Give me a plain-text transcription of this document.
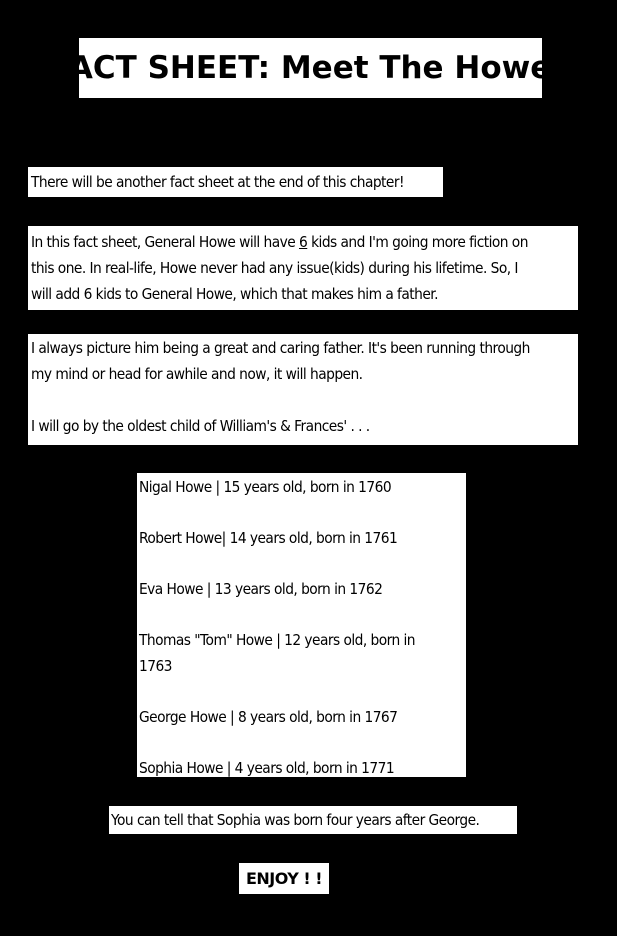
FACT SHEET: Meet The Howes
There will be another fact sheet at the end of this chapter!
In this fact sheet, General Howe will have 6 kids and I'm going more fiction on
this one. In real-life, Howe never had any issue(kids) during his lifetime. So, I
will add 6 kids to General Howe, which that makes him a father.
I always picture him being a great and caring father. It's been running through
my mind or head for awhile and now, it will happen.
I will go by the oldest child of William's & Frances' . . .
Nigal Howe | 15 years old, born in 1760
Robert Howe| 14 years old, born in 1761
Eva Howe | 13 years old, born in 1762
Thomas "Tom" Howe | 12 years old, born in 1763
George Howe | 8 years old, born in 1767
Sophia Howe | 4 years old, born in 1771
You can tell that Sophia was born four years after George.
ENJOY ! !
